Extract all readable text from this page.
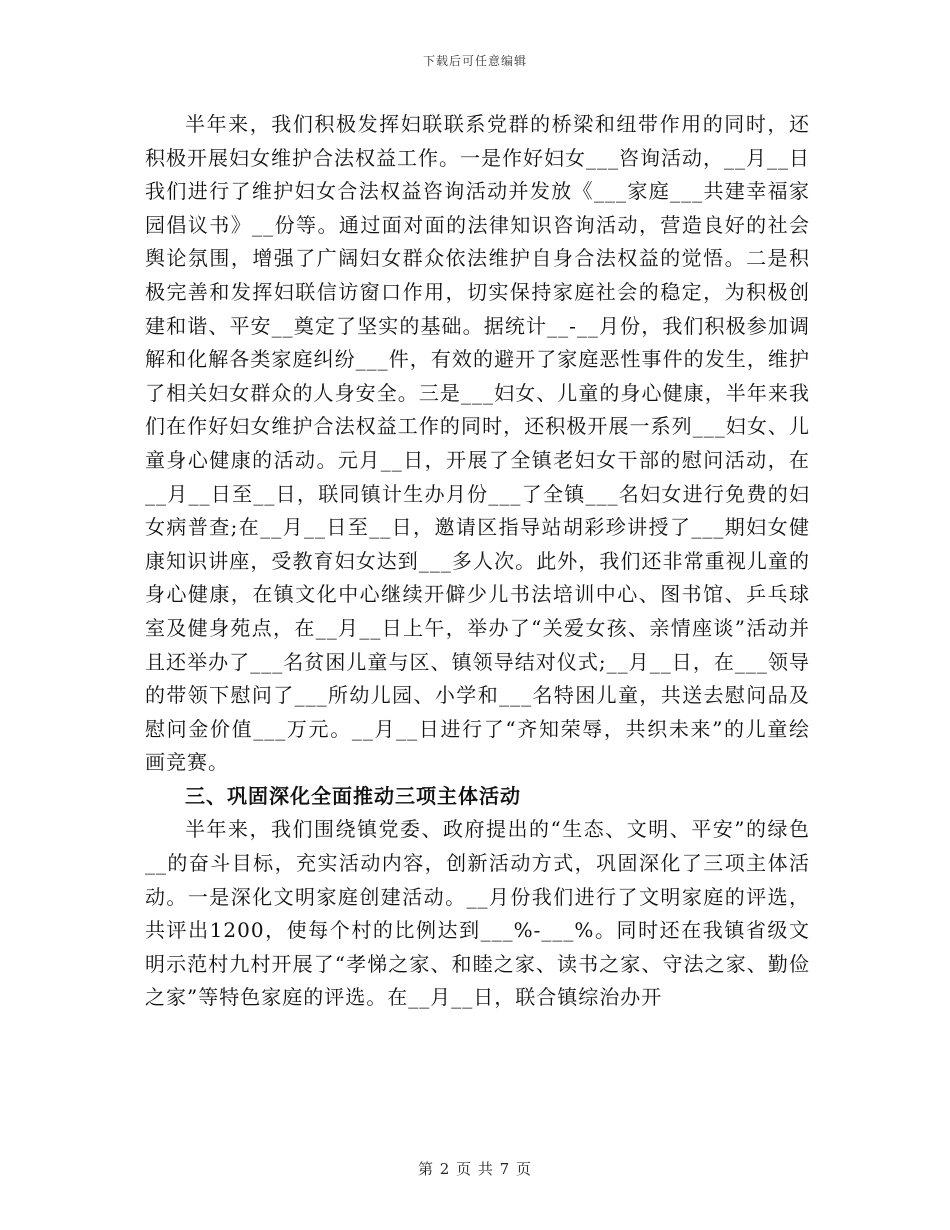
下载后可任意编辑

半年来，我们积极发挥妇联联系党群的桥梁和纽带作用的同时，还积极开展妇女维护合法权益工作。一是作好妇女___咨询活动，__月__日我们进行了维护妇女合法权益咨询活动并发放《___家庭___共建幸福家园倡议书》__份等。通过面对面的法律知识咨询活动，营造良好的社会舆论氛围，增强了广阔妇女群众依法维护自身合法权益的觉悟。二是积极完善和发挥妇联信访窗口作用，切实保持家庭社会的稳定，为积极创建和谐、平安__奠定了坚实的基础。据统计__-__月份，我们积极参加调解和化解各类家庭纠纷___件，有效的避开了家庭恶性事件的发生，维护了相关妇女群众的人身安全。三是___妇女、儿童的身心健康，半年来我们在作好妇女维护合法权益工作的同时，还积极开展一系列___妇女、儿童身心健康的活动。元月__日，开展了全镇老妇女干部的慰问活动，在__月__日至__日，联同镇计生办月份___了全镇___名妇女进行免费的妇女病普查;在__月__日至__日，邀请区指导站胡彩珍讲授了___期妇女健康知识讲座，受教育妇女达到___多人次。此外，我们还非常重视儿童的身心健康，在镇文化中心继续开僻少儿书法培训中心、图书馆、乒乓球室及健身苑点，在__月__日上午，举办了“关爱女孩、亲情座谈”活动并且还举办了___名贫困儿童与区、镇领导结对仪式;__月__日，在___领导的带领下慰问了___所幼儿园、小学和___名特困儿童，共送去慰问品及慰问金价值___万元。__月__日进行了“齐知荣辱，共织未来”的儿童绘画竞赛。

三、巩固深化全面推动三项主体活动

半年来，我们围绕镇党委、政府提出的“生态、文明、平安”的绿色__的奋斗目标，充实活动内容，创新活动方式，巩固深化了三项主体活动。一是深化文明家庭创建活动。__月份我们进行了文明家庭的评选，共评出1200，使每个村的比例达到___%-___%。同时还在我镇省级文明示范村九村开展了“孝悌之家、和睦之家、读书之家、守法之家、勤俭之家”等特色家庭的评选。在__月__日，联合镇综治办开

第 2 页 共 7 页
